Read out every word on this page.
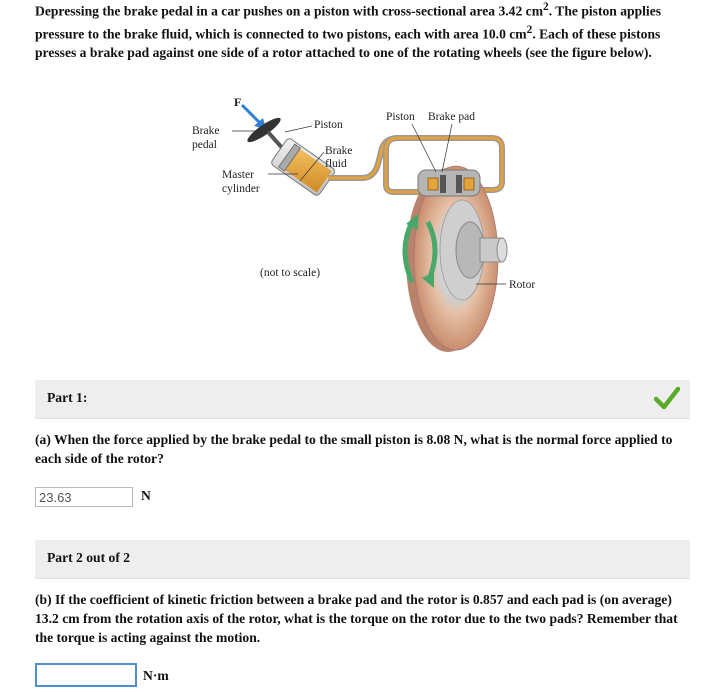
Depressing the brake pedal in a car pushes on a piston with cross-sectional area 3.42 $cm^2$. The piston applies pressure to the brake fluid, which is connected to two pistons, each with area 10.0 $cm^2$. Each of these pistons presses a brake pad against one side of a rotor attached to one of the rotating wheels (see the figure below).
F
Brake
pedal
Piston
Brake
fluid
Master
cylinder
Piston Brake pad
(not to scale)
Rotor
Part 1:
(a) When the force applied by the brake pedal to the small piston is 8.08 N, what is the normal force applied to each side of the rotor?
23.63
N
Part 2 out of 2
(b) If the coefficient of kinetic friction between a brake pad and the rotor is 0.857 and each pad is (on average) 13.2 cm from the rotation axis of the rotor, what is the torque on the rotor due to the two pads? Remember that the torque is acting against the motion.
N·m
